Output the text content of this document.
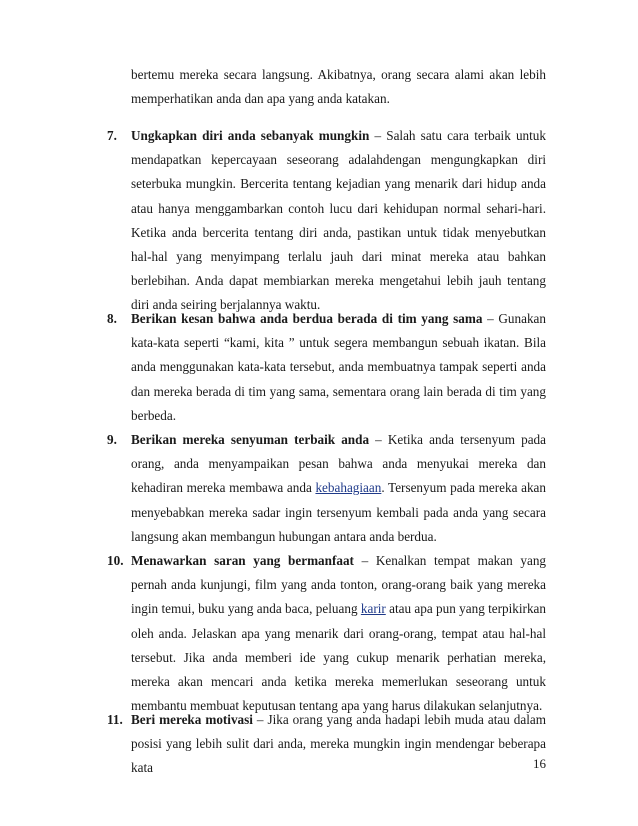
bertemu mereka secara langsung. Akibatnya, orang secara alami akan lebih memperhatikan anda dan apa yang anda katakan.

7. Ungkapkan diri anda sebanyak mungkin – Salah satu cara terbaik untuk mendapatkan kepercayaan seseorang adalahdengan mengungkapkan diri seterbuka mungkin. Bercerita tentang kejadian yang menarik dari hidup anda atau hanya menggambarkan contoh lucu dari kehidupan normal sehari-hari. Ketika anda bercerita tentang diri anda, pastikan untuk tidak menyebutkan hal-hal yang menyimpang terlalu jauh dari minat mereka atau bahkan berlebihan. Anda dapat membiarkan mereka mengetahui lebih jauh tentang diri anda seiring berjalannya waktu.
8. Berikan kesan bahwa anda berdua berada di tim yang sama – Gunakan kata-kata seperti “kami, kita ” untuk segera membangun sebuah ikatan. Bila anda menggunakan kata-kata tersebut, anda membuatnya tampak seperti anda dan mereka berada di tim yang sama, sementara orang lain berada di tim yang berbeda.
9. Berikan mereka senyuman terbaik anda – Ketika anda tersenyum pada orang, anda menyampaikan pesan bahwa anda menyukai mereka dan kehadiran mereka membawa anda kebahagiaan. Tersenyum pada mereka akan menyebabkan mereka sadar ingin tersenyum kembali pada anda yang secara langsung akan membangun hubungan antara anda berdua.
10. Menawarkan saran yang bermanfaat – Kenalkan tempat makan yang pernah anda kunjungi, film yang anda tonton, orang-orang baik yang mereka ingin temui, buku yang anda baca, peluang karir atau apa pun yang terpikirkan oleh anda. Jelaskan apa yang menarik dari orang-orang, tempat atau hal-hal tersebut. Jika anda memberi ide yang cukup menarik perhatian mereka, mereka akan mencari anda ketika mereka memerlukan seseorang untuk membantu membuat keputusan tentang apa yang harus dilakukan selanjutnya.
11. Beri mereka motivasi – Jika orang yang anda hadapi lebih muda atau dalam posisi yang lebih sulit dari anda, mereka mungkin ingin mendengar beberapa kata	16
